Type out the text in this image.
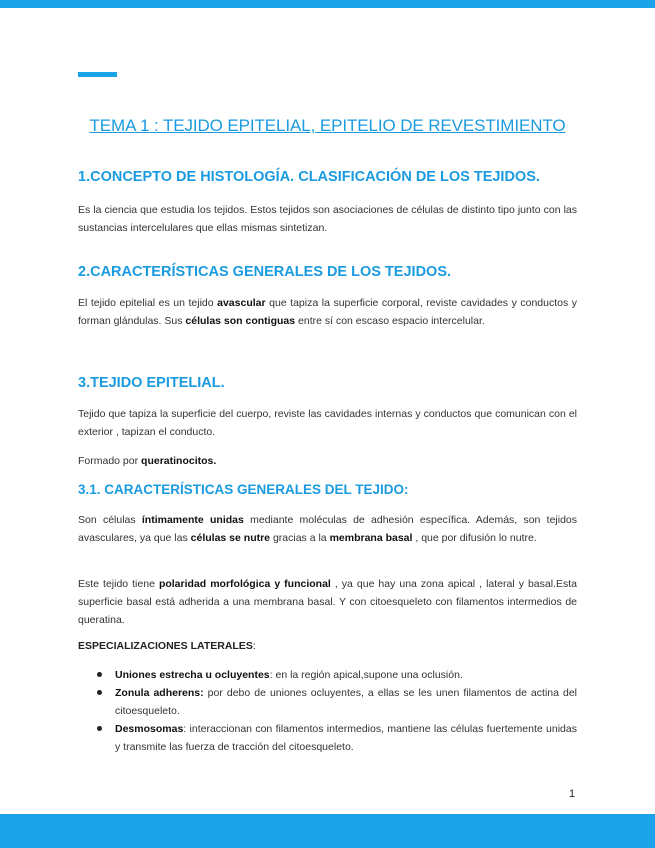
TEMA 1 : TEJIDO EPITELIAL, EPITELIO DE REVESTIMIENTO
1.CONCEPTO DE HISTOLOGÍA. CLASIFICACIÓN DE LOS TEJIDOS.
Es la ciencia que estudia los tejidos. Estos tejidos son asociaciones de células de distinto tipo junto con las sustancias intercelulares que ellas mismas sintetizan.
2.CARACTERÍSTICAS GENERALES DE LOS TEJIDOS.
El tejido epitelial es un tejido avascular que tapiza la superficie corporal, reviste cavidades y conductos y forman glándulas. Sus células son contiguas entre sí con escaso espacio intercelular.
3.TEJIDO EPITELIAL.
Tejido que tapiza la superficie del cuerpo, reviste las cavidades internas y conductos que comunican con el exterior , tapizan el conducto.
Formado por queratinocitos.
3.1. CARACTERÍSTICAS GENERALES DEL TEJIDO:
Son células íntimamente unidas mediante moléculas de adhesión específica. Además, son tejidos avasculares, ya que las células se nutre gracias a la membrana basal , que por difusión lo nutre.
Este tejido tiene polaridad morfológica y funcional , ya que hay una zona apical , lateral y basal.Esta superficie basal está adherida a una membrana basal. Y con citoesqueleto con filamentos intermedios de queratina.
ESPECIALIZACIONES LATERALES:
Uniones estrecha u ocluyentes: en la región apical,supone una oclusión.
Zonula adherens: por debo de uniones ocluyentes, a ellas se les unen filamentos de actina del citoesqueleto.
Desmosomas: interaccionan con filamentos intermedios, mantiene las células fuertemente unidas y transmite las fuerza de tracción del citoesqueleto.
1
